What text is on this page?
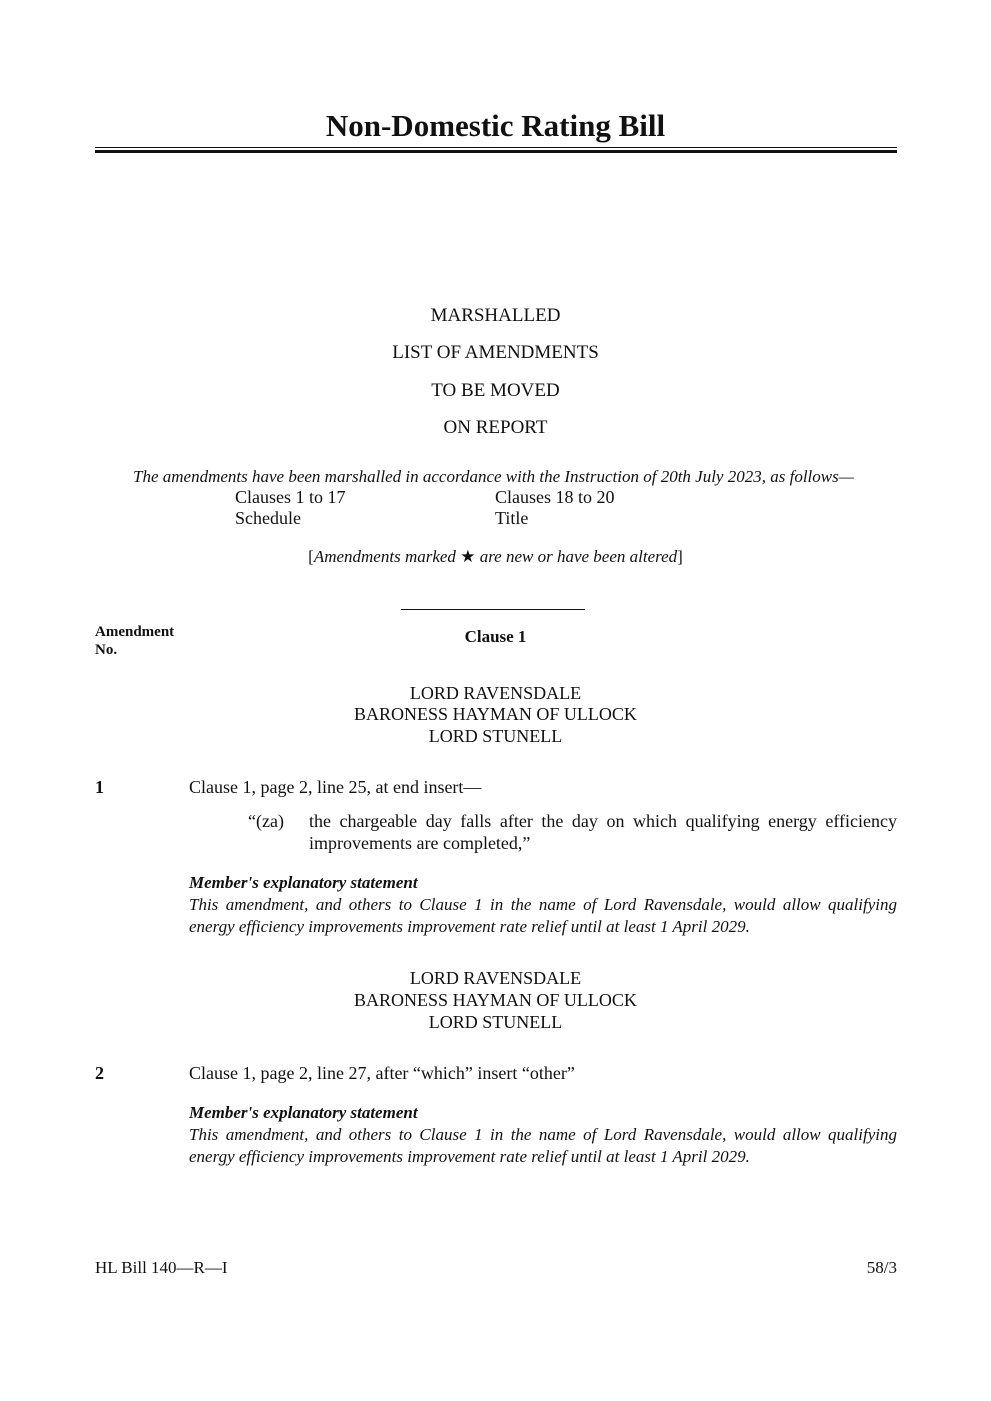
Non-Domestic Rating Bill
MARSHALLED
LIST OF AMENDMENTS
TO BE MOVED
ON REPORT
The amendments have been marshalled in accordance with the Instruction of 20th July 2023, as follows—
Clauses 1 to 17	Clauses 18 to 20
Schedule	Title
[Amendments marked ★ are new or have been altered]
Amendment
No.
Clause 1
LORD RAVENSDALE
BARONESS HAYMAN OF ULLOCK
LORD STUNELL
1	Clause 1, page 2, line 25, at end insert—
“(za) the chargeable day falls after the day on which qualifying energy efficiency
improvements are completed,”
Member's explanatory statement
This amendment, and others to Clause 1 in the name of Lord Ravensdale, would allow qualifying
energy efficiency improvements improvement rate relief until at least 1 April 2029.
LORD RAVENSDALE
BARONESS HAYMAN OF ULLOCK
LORD STUNELL
2	Clause 1, page 2, line 27, after “which” insert “other”
Member's explanatory statement
This amendment, and others to Clause 1 in the name of Lord Ravensdale, would allow qualifying
energy efficiency improvements improvement rate relief until at least 1 April 2029.
HL Bill 140—R—I	58/3
